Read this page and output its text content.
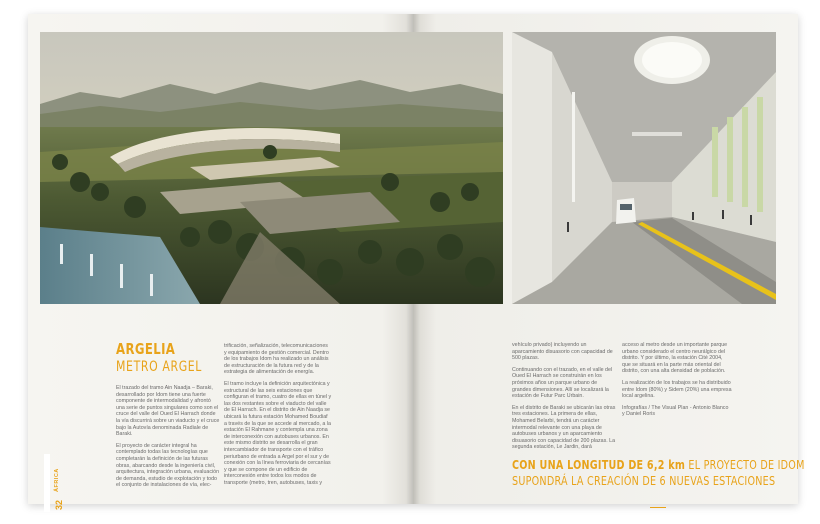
ÁFRICA
32
ARGELIA
METRO ARGEL

El trazado del tramo Ain Naadja – Baraki, desarrollado por Idom tiene una fuerte componente de intermodalidad y afrontó una serie de puntos singulares como son el cruce del valle del Oued El Harrach donde la vía discurrirá sobre un viaducto y el cruce bajo la Autovía denominada Radiale de Baraki.

El proyecto de carácter integral ha contemplado todas las tecnologías que completarán la definición de las futuras obras, abarcando desde la ingeniería civil, arquitectura, integración urbana, evaluación de demanda, estudio de explotación y todo el conjunto de instalaciones de vía, elec-

trificación, señalización, telecomunicaciones y equipamiento de gestión comercial. Dentro de los trabajos Idom ha realizado un análisis de estructuración de la futura red y de la estrategia de alimentación de energía.

El tramo incluye la definición arquitectónica y estructural de las seis estaciones que configuran el tramo, cuatro de ellas en túnel y las dos restantes sobre el viaducto del valle de El Harrach. En el distrito de Ain Naadja se ubicará la futura estación Mohamed Boudiaf a través de la que se accede al mercado, a la estación El Rahmane y contempla una zona de interconexión con autobuses urbanos. En este mismo distrito se desarrolla el gran intercambiador de transporte con el tráfico periurbano de entrada a Argel por el sur y de conexión con la línea ferroviaria de cercanías y que se compone de un edificio de interconexión entre todos los modos de transporte (metro, tren, autobuses, taxis y

vehículo privado) incluyendo un aparcamiento disuasorio con capacidad de 500 plazas.

Continuando con el trazado, en el valle del Oued El Harrach se construirán en los próximos años un parque urbano de grandes dimensiones. Allí se localizará la estación de Futur Parc Urbain.

En el distrito de Baraki se ubicarán las otras tres estaciones. La primera de ellas, Mohamed Belarbi, tendrá un carácter intermodal relevante con una playa de autobuses urbanos y un aparcamiento disuasorio con capacidad de 200 plazas. La segunda estación, Le Jardin, dará

acceso al metro desde un importante parque urbano considerado el centro neurálgico del distrito. Y por último, la estación Cité 2004, que se situará en la parte más oriental del distrito, con una alta densidad de población.

La realización de los trabajos se ha distribuido entre Idom (80%) y Sidem (20%) una empresa local argelina.

Infografías / The Visual Plan - Antonio Blanco y Daniel Roris

CON UNA LONGITUD DE 6,2 km EL PROYECTO DE IDOM
SUPONDRÁ LA CREACIÓN DE 6 NUEVAS ESTACIONES
